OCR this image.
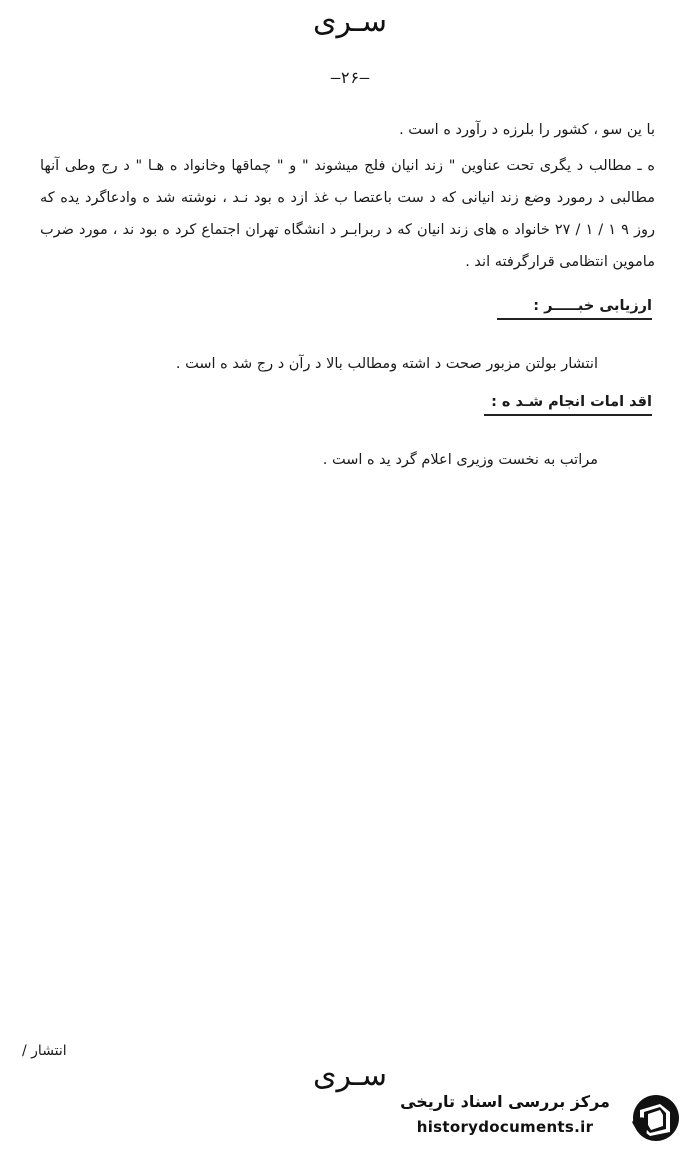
سـری
—۲۶—
با ین سو ، کشور را بلرزه د رآورد ه است .
ه ـ مطالب د یگری تحت عناوین " زند انیان فلج میشوند " و " چماقها وخانواد ه هـا " د رج وطی آنها مطالبی د رمورد وضع زند انیانی که د ست باعتصا ب غذ ازد ه بود نـد ، نوشته شد ه وادعاگرد یده که روز ۹ ۱ / ۱ / ۲۷ خانواد ه های زند انیان که د ربرابـر د انشگاه تهران اجتماع کرد ه بود ند ، مورد ضرب ماموین انتظامی قرارگرفته اند .
ارزیابی خبـــــر :
انتشار بولتن مزبور صحت د اشته ومطالب بالا د رآن د رج شد ه است .
اقد امات انجام شـد ه :
مراتب به نخست وزیری اعلام گرد ید ه است .
انتشار /
سـری
مرکز بررسی اسناد تاریخی
historydocuments.ir
